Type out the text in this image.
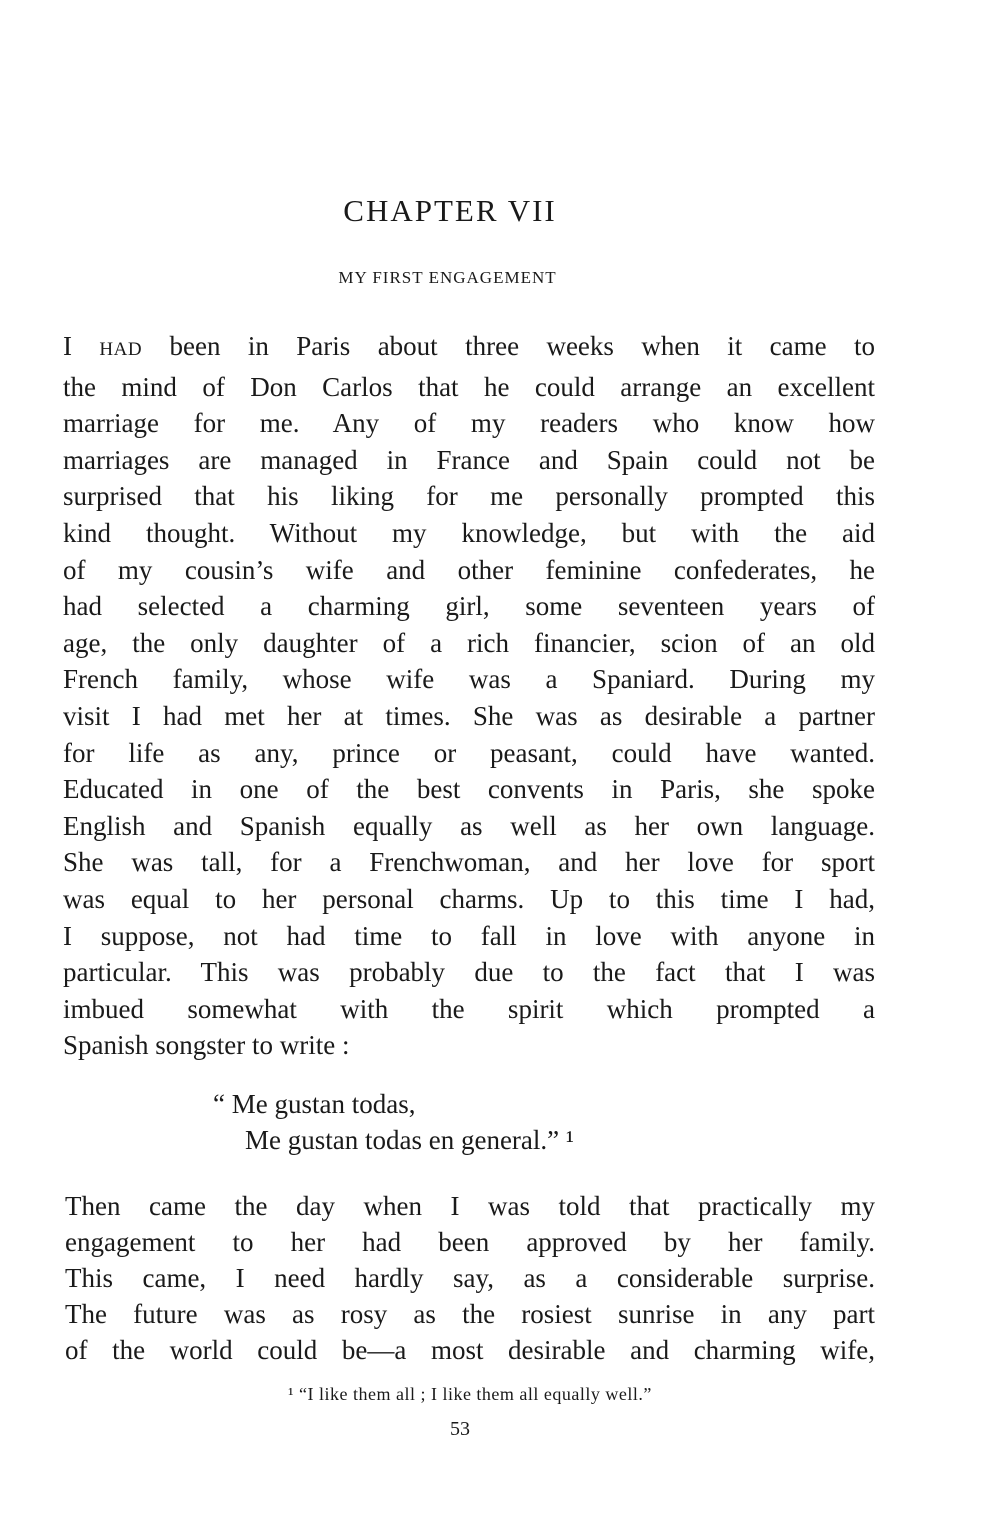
CHAPTER VII
MY FIRST ENGAGEMENT
I HAD been in Paris about three weeks when it came to
the mind of Don Carlos that he could arrange an excellent
marriage for me. Any of my readers who know how
marriages are managed in France and Spain could not be
surprised that his liking for me personally prompted this
kind thought. Without my knowledge, but with the aid
of my cousin’s wife and other feminine confederates, he
had selected a charming girl, some seventeen years of
age, the only daughter of a rich financier, scion of an old
French family, whose wife was a Spaniard. During my
visit I had met her at times. She was as desirable a partner
for life as any, prince or peasant, could have wanted.
Educated in one of the best convents in Paris, she spoke
English and Spanish equally as well as her own language.
She was tall, for a Frenchwoman, and her love for sport
was equal to her personal charms. Up to this time I had,
I suppose, not had time to fall in love with anyone in
particular. This was probably due to the fact that I was
imbued somewhat with the spirit which prompted a
Spanish songster to write :
“ Me gustan todas,
Me gustan todas en general.” ¹
Then came the day when I was told that practically my
engagement to her had been approved by her family.
This came, I need hardly say, as a considerable surprise.
The future was as rosy as the rosiest sunrise in any part
of the world could be—a most desirable and charming wife,

¹ “I like them all ; I like them all equally well.”

53
